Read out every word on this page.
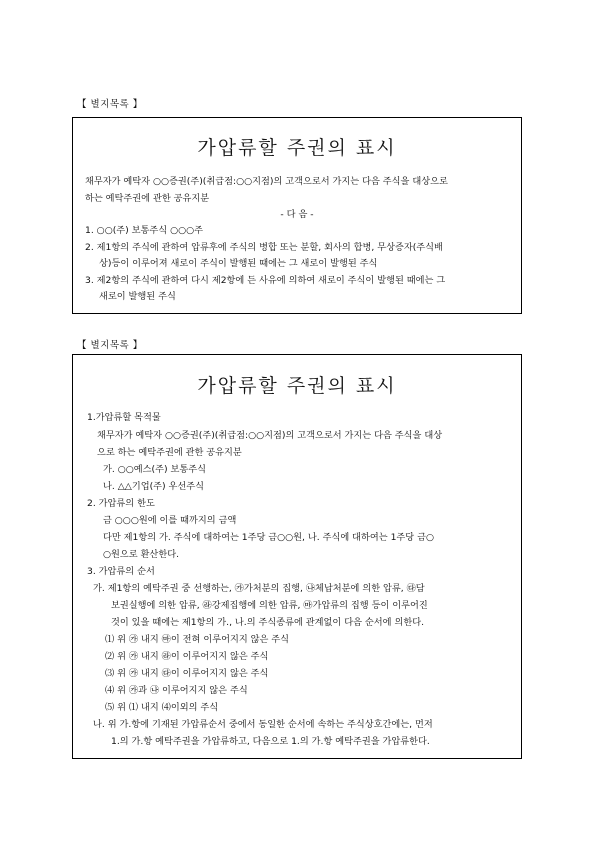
【 별지목록 】
가압류할 주권의 표시
채무자가 예탁자 ○○증권(주)(취급점:○○지점)의 고객으로서 가지는 다음 주식을 대상으로
하는 예탁주권에 관한 공유지분
- 다 음 -
1. ○○(주) 보통주식 ○○○주
2. 제1항의 주식에 관하여 압류후에 주식의 병합 또는 분할, 회사의 합병, 무상증자(주식배
상)등이 이루어져 새로이 주식이 발행된 때에는 그 새로이 발행된 주식
3. 제2항의 주식에 관하여 다시 제2항에 든 사유에 의하여 새로이 주식이 발행된 때에는 그
새로이 발행된 주식
【 별지목록 】
가압류할 주권의 표시
1.가압류할 목적물
채무자가 예탁자 ○○증권(주)(취급점:○○지점)의 고객으로서 가지는 다음 주식을 대상
으로 하는 예탁주권에 관한 공유지분
가. ○○예스(주) 보통주식
나. △△기업(주) 우선주식
2. 가압류의 한도
금 ○○○원에 이를 때까지의 금액
다만 제1항의 가. 주식에 대하여는 1주당 금○○원, 나. 주식에 대하여는 1주당 금○
○원으로 환산한다.
3. 가압류의 순서
가. 제1항의 예탁주권 중 선행하는, ㉮가처분의 집행, ㉯체납처분에 의한 압류, ㉰담
보권실행에 의한 압류, ㉱강제집행에 의한 압류, ㉲가압류의 집행 등이 이루어진
것이 있을 때에는 제1항의 가., 나.의 주식종류에 관계없이 다음 순서에 의한다.
⑴ 위 ㉮ 내지 ㉲이 전혀 이루어지지 않은 주식
⑵ 위 ㉮ 내지 ㉱이 이루어지지 않은 주식
⑶ 위 ㉮ 내지 ㉰이 이루어지지 않은 주식
⑷ 위 ㉮과 ㉯ 이루어지지 않은 주식
⑸ 위 ⑴ 내지 ⑷이외의 주식
나. 위 가.항에 기재된 가압류순서 중에서 동일한 순서에 속하는 주식상호간에는, 먼저
1.의 가.항 예탁주권을 가압류하고, 다음으로 1.의 가.항 예탁주권을 가압류한다.
